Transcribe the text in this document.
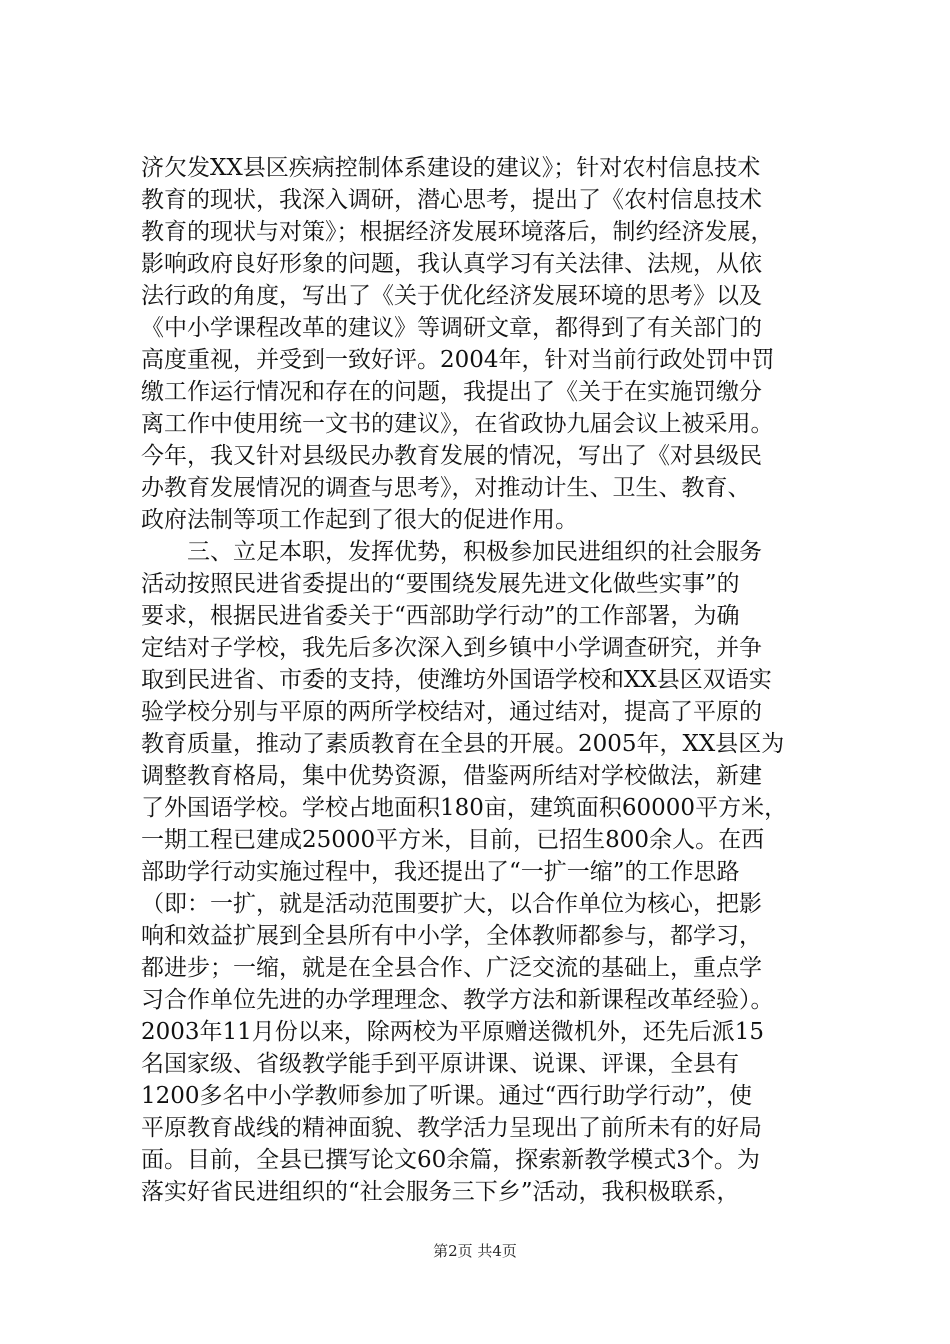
济欠发XX县区疾病控制体系建设的建议》；针对农村信息技术
教育的现状，我深入调研，潜心思考，提出了《农村信息技术
教育的现状与对策》；根据经济发展环境落后，制约经济发展，
影响政府良好形象的问题，我认真学习有关法律、法规，从依
法行政的角度，写出了《关于优化经济发展环境的思考》以及
《中小学课程改革的建议》等调研文章，都得到了有关部门的
高度重视，并受到一致好评。2004年，针对当前行政处罚中罚
缴工作运行情况和存在的问题，我提出了《关于在实施罚缴分
离工作中使用统一文书的建议》，在省政协九届会议上被采用。
今年，我又针对县级民办教育发展的情况，写出了《对县级民
办教育发展情况的调查与思考》，对推动计生、卫生、教育、
政府法制等项工作起到了很大的促进作用。
　　三、立足本职，发挥优势，积极参加民进组织的社会服务
活动按照民进省委提出的“要围绕发展先进文化做些实事”的
要求，根据民进省委关于“西部助学行动”的工作部署，为确
定结对子学校，我先后多次深入到乡镇中小学调查研究，并争
取到民进省、市委的支持，使潍坊外国语学校和XX县区双语实
验学校分别与平原的两所学校结对，通过结对，提高了平原的
教育质量，推动了素质教育在全县的开展。2005年，XX县区为
调整教育格局，集中优势资源，借鉴两所结对学校做法，新建
了外国语学校。学校占地面积180亩，建筑面积60000平方米，
一期工程已建成25000平方米，目前，已招生800余人。在西
部助学行动实施过程中，我还提出了“一扩一缩”的工作思路
（即：一扩，就是活动范围要扩大，以合作单位为核心，把影
响和效益扩展到全县所有中小学，全体教师都参与，都学习，
都进步；一缩，就是在全县合作、广泛交流的基础上，重点学
习合作单位先进的办学理理念、教学方法和新课程改革经验）。
2003年11月份以来，除两校为平原赠送微机外，还先后派15
名国家级、省级教学能手到平原讲课、说课、评课，全县有
1200多名中小学教师参加了听课。通过“西行助学行动”，使
平原教育战线的精神面貌、教学活力呈现出了前所未有的好局
面。目前，全县已撰写论文60余篇，探索新教学模式3个。为
落实好省民进组织的“社会服务三下乡”活动，我积极联系，
第2页 共4页
